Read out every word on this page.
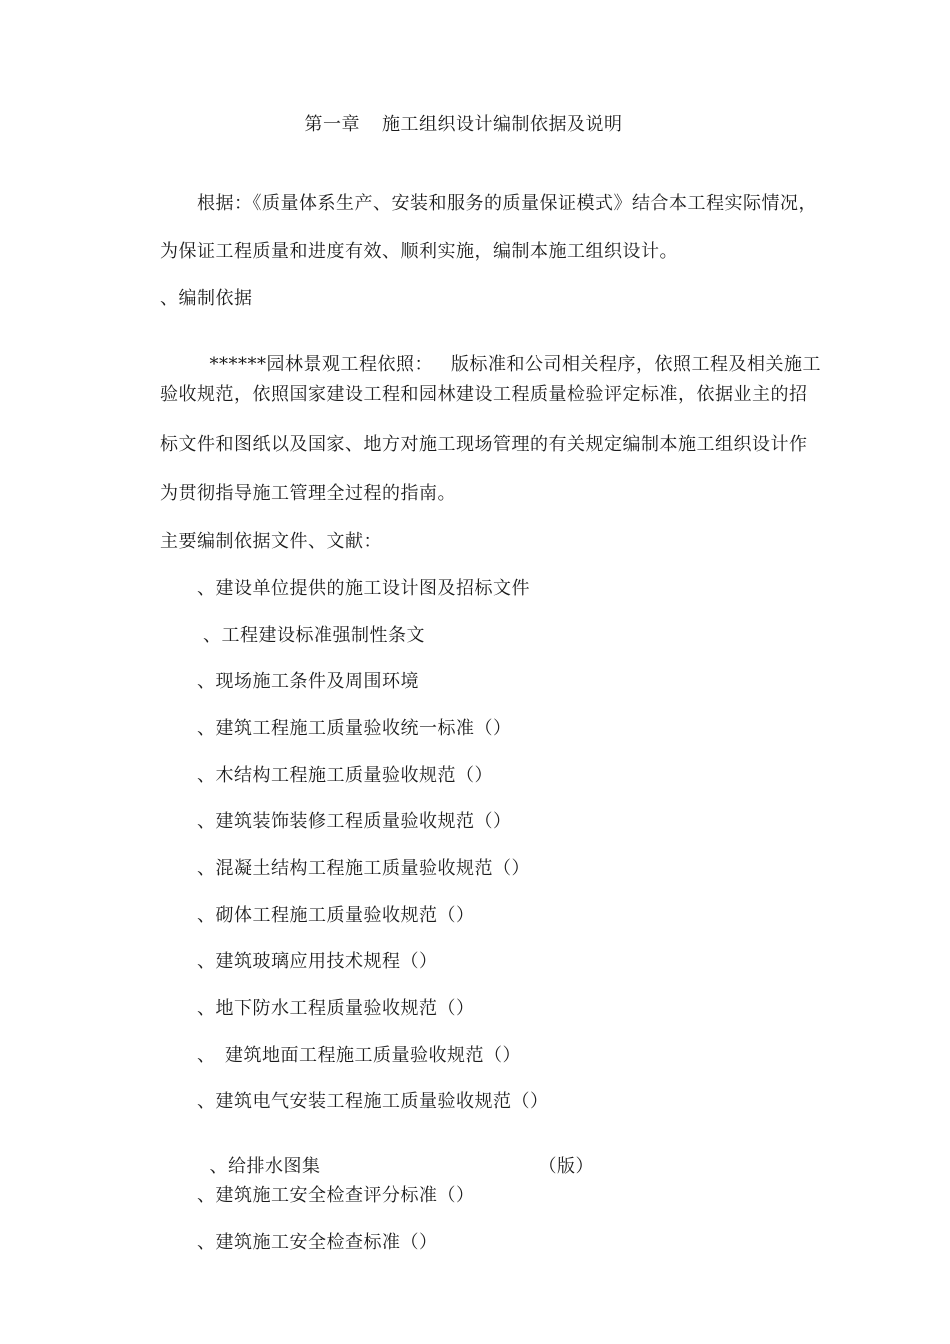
第一章 施工组织设计编制依据及说明

根据：《质量体系生产、安装和服务的质量保证模式》结合本工程实际情况，
为保证工程质量和进度有效、顺利实施，编制本施工组织设计。
、编制依据

******园林景观工程依照： 版标准和公司相关程序，依照工程及相关施工

验收规范，依照国家建设工程和园林建设工程质量检验评定标准，依据业主的招
标文件和图纸以及国家、地方对施工现场管理的有关规定编制本施工组织设计作
为贯彻指导施工管理全过程的指南。
主要编制依据文件、文献：
、建设单位提供的施工设计图及招标文件
、工程建设标准强制性条文
、现场施工条件及周围环境
、建筑工程施工质量验收统一标准（）
、木结构工程施工质量验收规范（）
、建筑装饰装修工程质量验收规范（）
、混凝土结构工程施工质量验收规范（）
、砌体工程施工质量验收规范（）
、建筑玻璃应用技术规程（）
、地下防水工程质量验收规范（）
、　建筑地面工程施工质量验收规范（）
、建筑电气安装工程施工质量验收规范（）

、给排水图集	（版）

、建筑施工安全检查评分标准（）
、建筑施工安全检查标准（）
